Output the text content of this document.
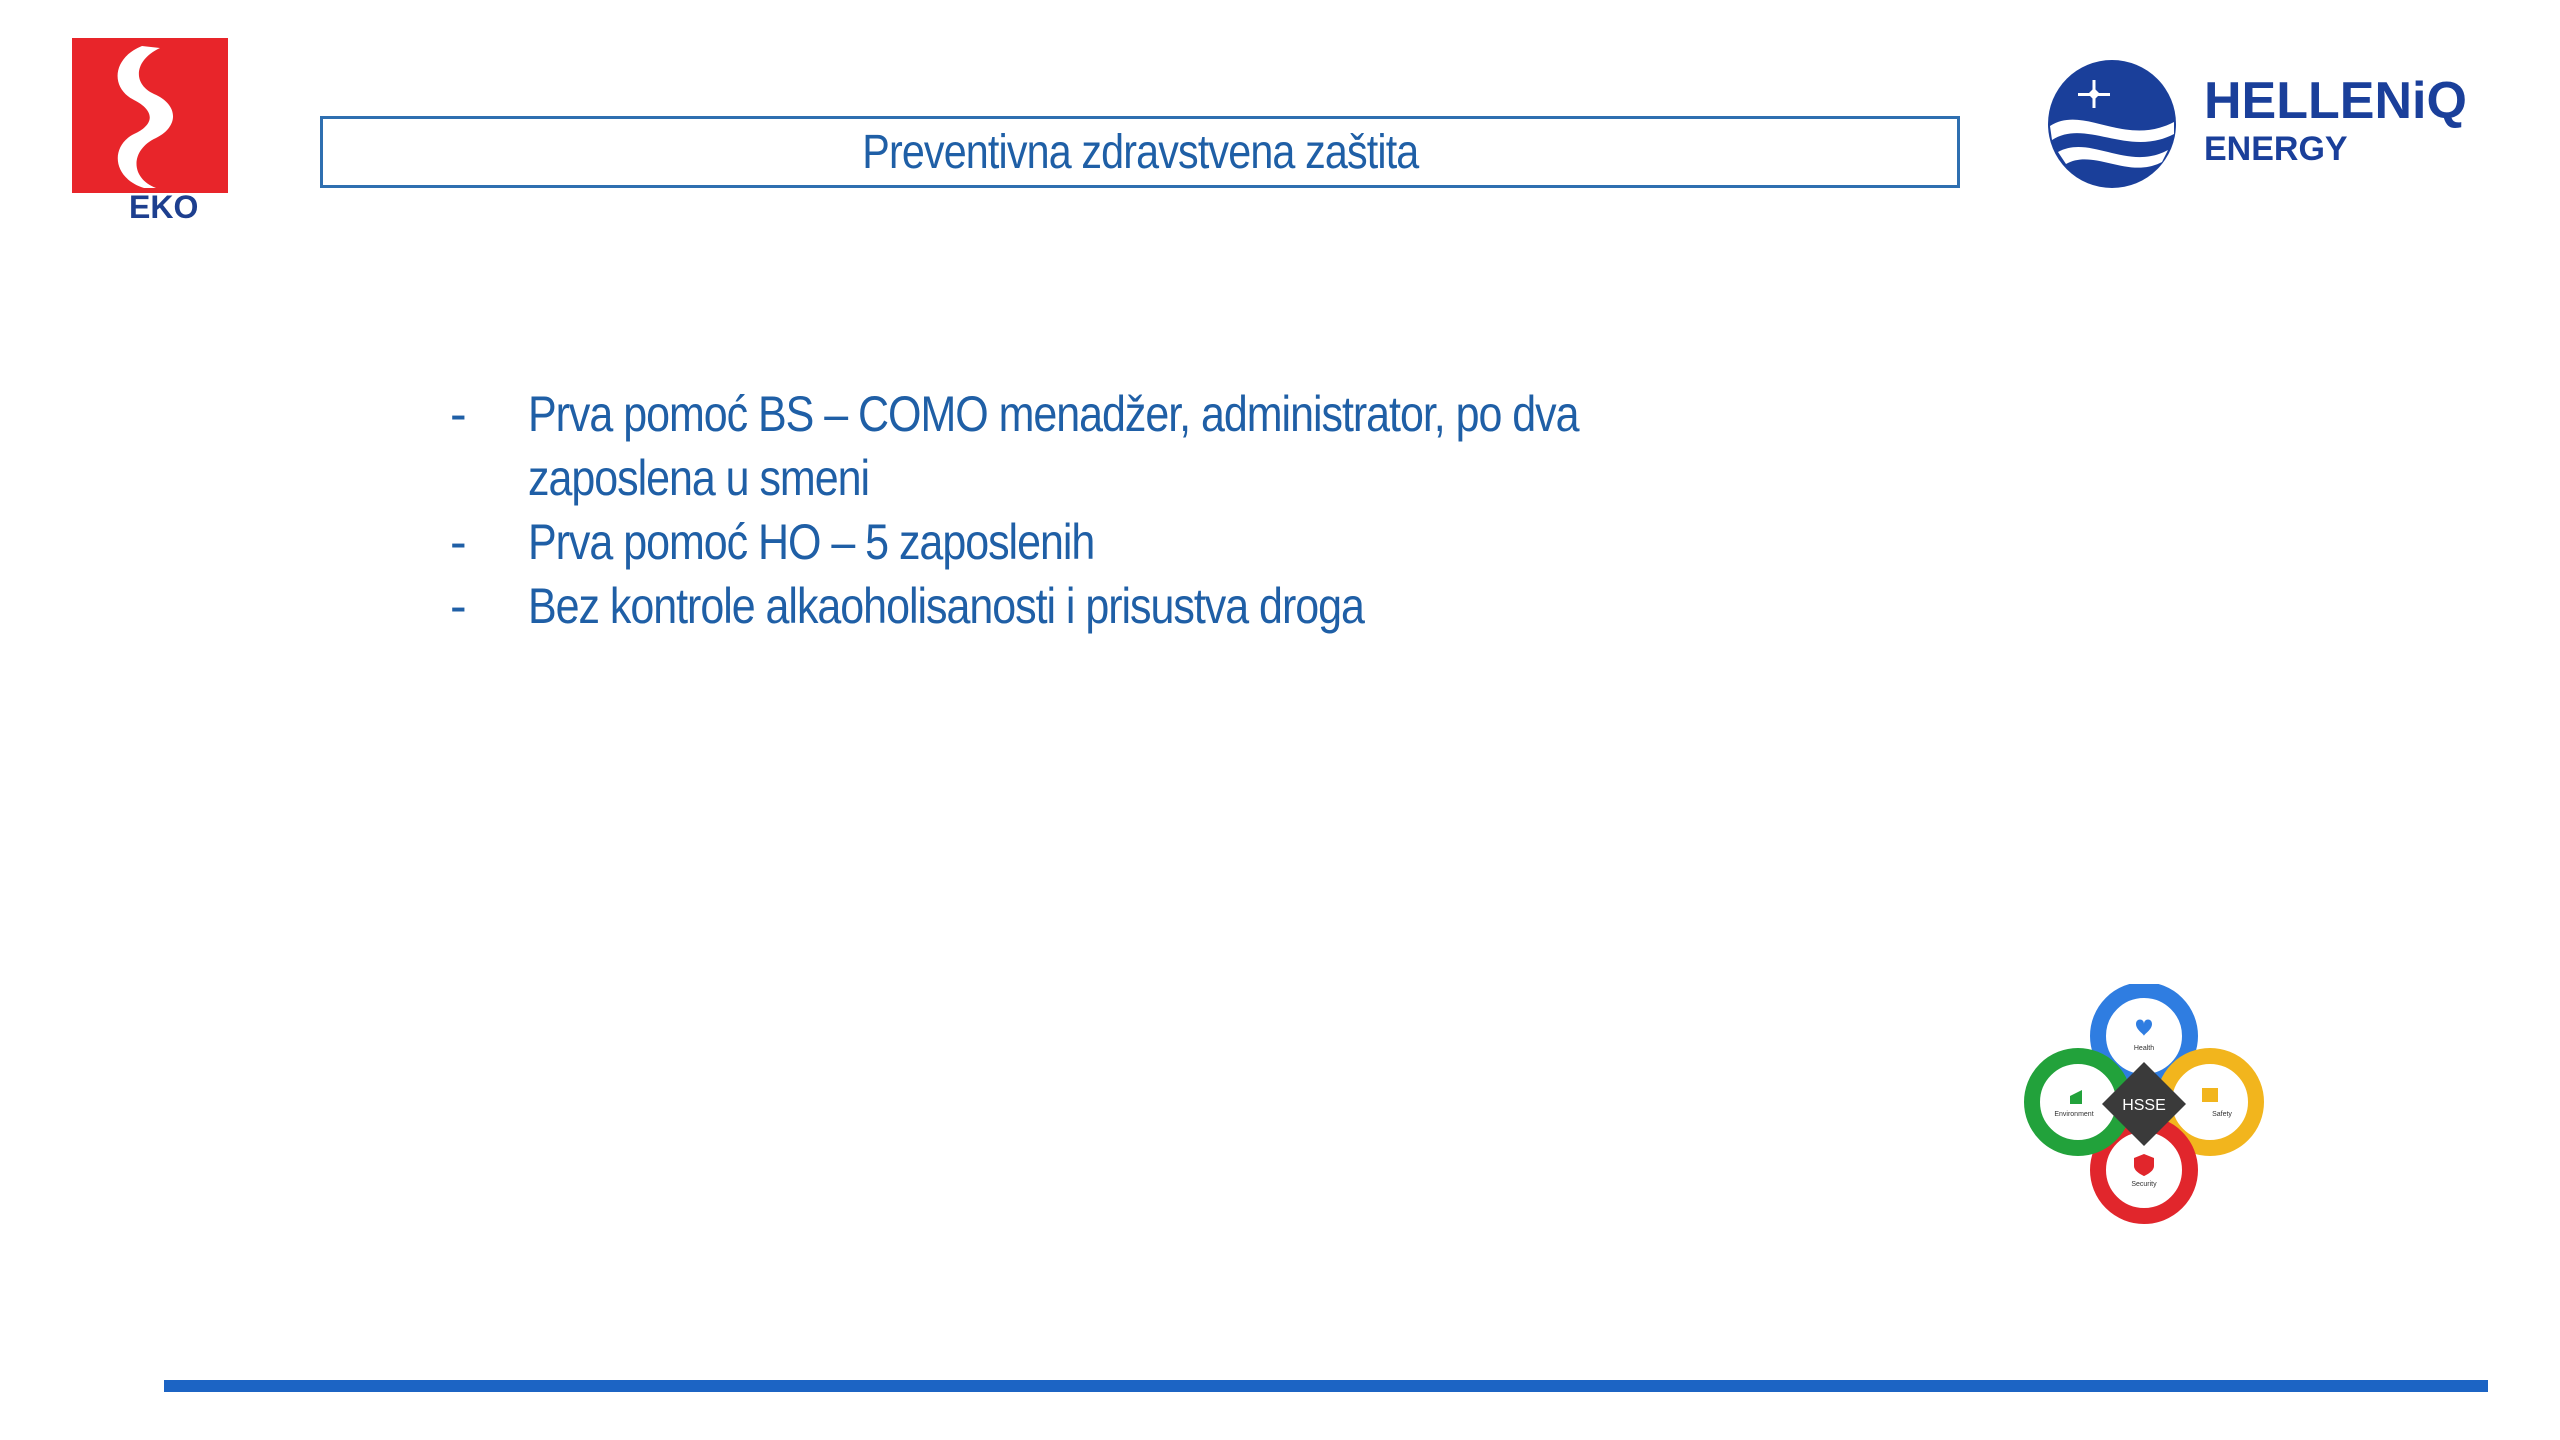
EKO
Preventivna zdravstvena zaštita
HELLENiQ
ENERGY
- Prva pomoć BS – COMO menadžer, administrator, po dva zaposlena u smeni
- Prva pomoć HO – 5 zaposlenih
- Bez kontrole alkaoholisanosti i prisustva droga
Health
Safety
Security
Environment
HSSE
